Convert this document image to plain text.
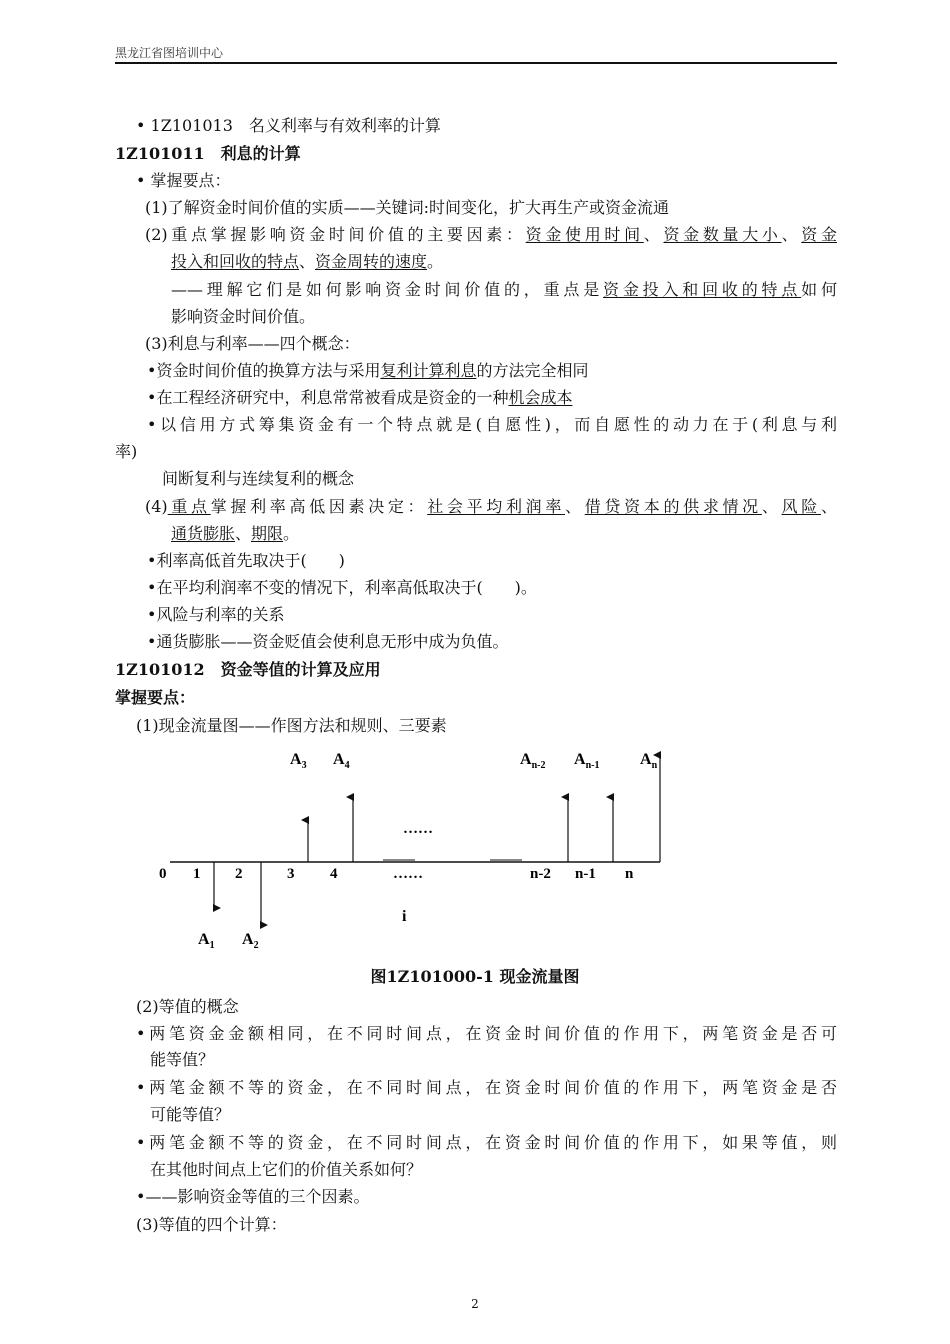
黑龙江省图培训中心
• 1Z101013　名义利率与有效利率的计算
1Z101011　利息的计算
• 掌握要点：
(1)了解资金时间价值的实质——关键词:时间变化，扩大再生产或资金流通
(2)重点掌握影响资金时间价值的主要因素：资金使用时间、资金数量大小、资金
投入和回收的特点、资金周转的速度。
——理解它们是如何影响资金时间价值的，重点是资金投入和回收的特点如何
影响资金时间价值。
(3)利息与利率——四个概念：
•资金时间价值的换算方法与采用复利计算利息的方法完全相同
•在工程经济研究中，利息常常被看成是资金的一种机会成本
•以信用方式筹集资金有一个特点就是(自愿性)，而自愿性的动力在于(利息与利
率)
间断复利与连续复利的概念
(4)重点掌握利率高低因素决定：社会平均利润率、借贷资本的供求情况、风险、
通货膨胀、期限。
•利率高低首先取决于(　　)
•在平均利润率不变的情况下，利率高低取决于(　　)。
•风险与利率的关系
•通货膨胀——资金贬值会使利息无形中成为负值。
1Z101012　资金等值的计算及应用
掌握要点：
(1)现金流量图——作图方法和规则、三要素
$A_3$ $A_4$	$A_{n-2}$ $A_{n-1}$	$A_n$
……
0 1 2	3 4	……	n-2 n-1 n
i
$A_1$ $A_2$
图1Z101000-1 现金流量图
(2)等值的概念
•两笔资金金额相同，在不同时间点，在资金时间价值的作用下，两笔资金是否可
能等值？
•两笔金额不等的资金，在不同时间点，在资金时间价值的作用下，两笔资金是否
可能等值？
•两笔金额不等的资金，在不同时间点，在资金时间价值的作用下，如果等值，则
在其他时间点上它们的价值关系如何？
•——影响资金等值的三个因素。
(3)等值的四个计算：
2
